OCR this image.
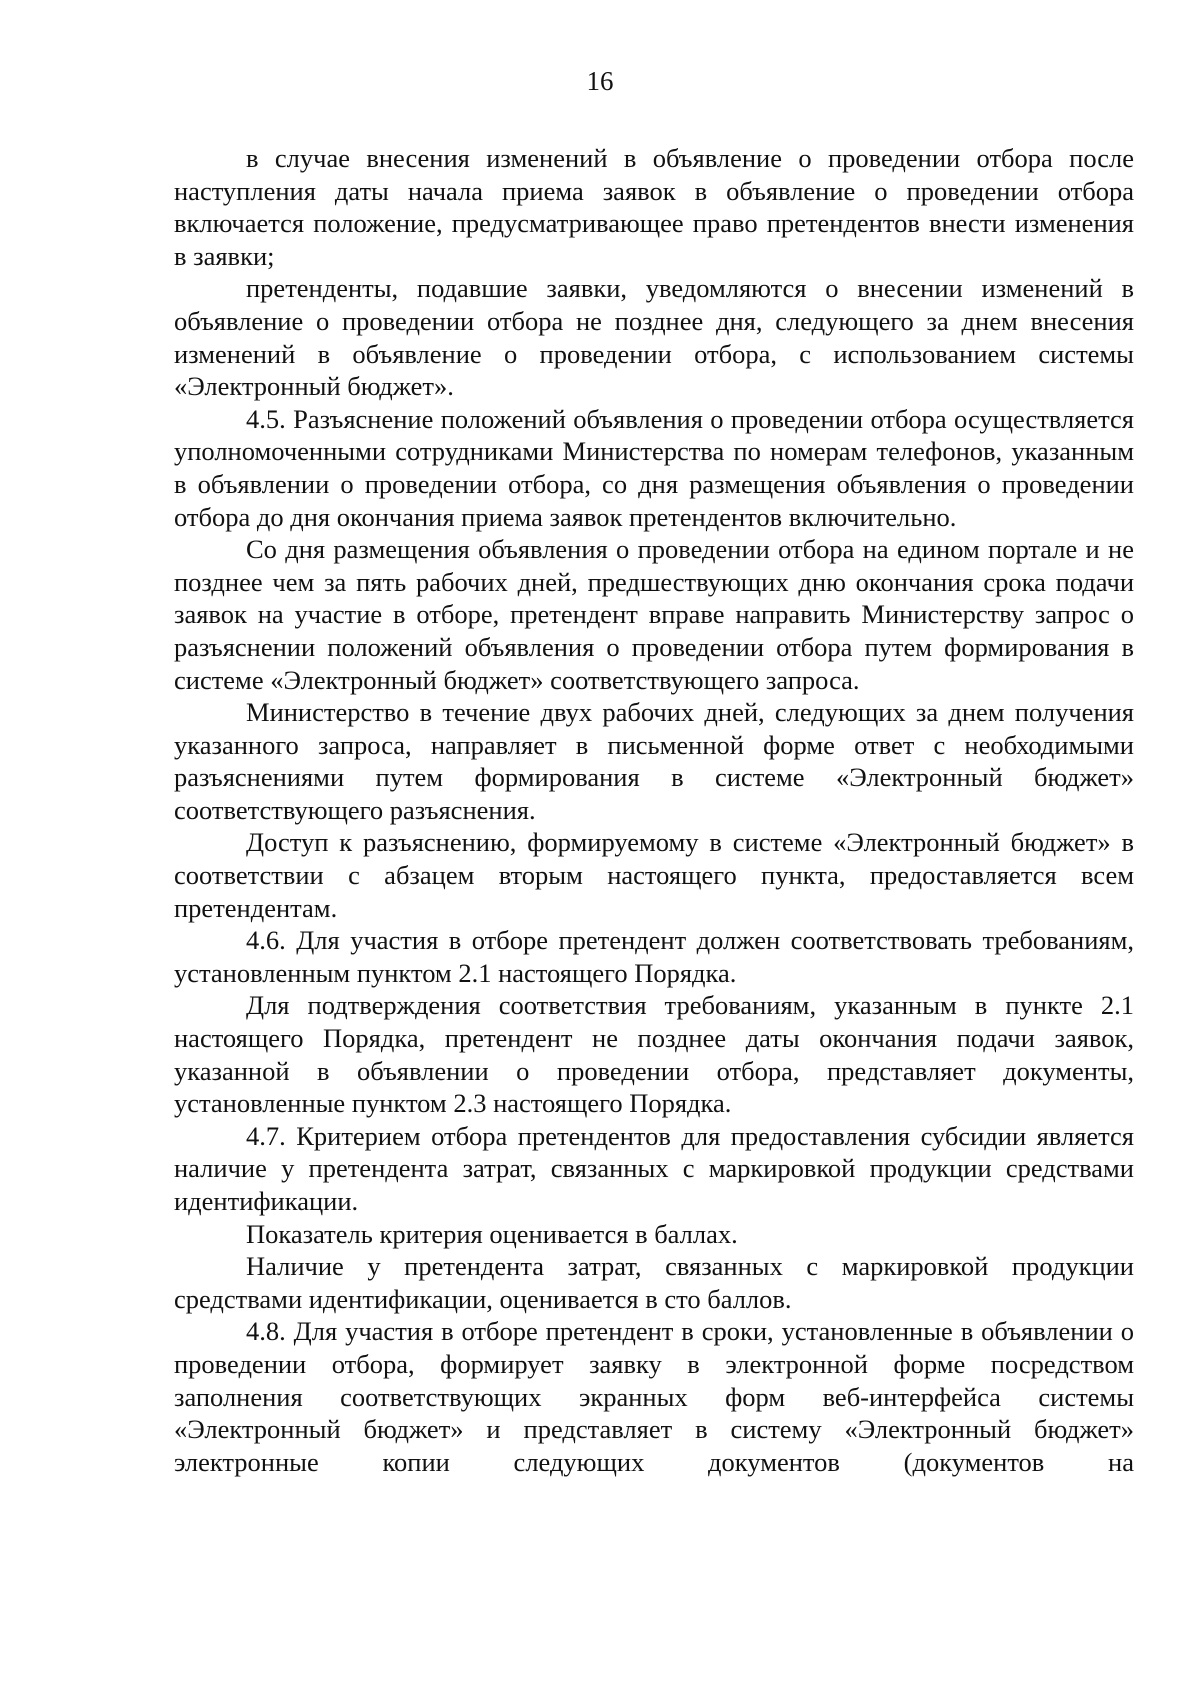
16

в случае внесения изменений в объявление о проведении отбора после наступления даты начала приема заявок в объявление о проведении отбора включается положение, предусматривающее право претендентов внести изменения в заявки;

претенденты, подавшие заявки, уведомляются о внесении изменений в объявление о проведении отбора не позднее дня, следующего за днем внесения изменений в объявление о проведении отбора, с использованием системы «Электронный бюджет».

4.5. Разъяснение положений объявления о проведении отбора осуществляется уполномоченными сотрудниками Министерства по номерам телефонов, указанным в объявлении о проведении отбора, со дня размещения объявления о проведении отбора до дня окончания приема заявок претендентов включительно.

Со дня размещения объявления о проведении отбора на едином портале и не позднее чем за пять рабочих дней, предшествующих дню окончания срока подачи заявок на участие в отборе, претендент вправе направить Министерству запрос о разъяснении положений объявления о проведении отбора путем формирования в системе «Электронный бюджет» соответствующего запроса.

Министерство в течение двух рабочих дней, следующих за днем получения указанного запроса, направляет в письменной форме ответ с необходимыми разъяснениями путем формирования в системе «Электронный бюджет» соответствующего разъяснения.

Доступ к разъяснению, формируемому в системе «Электронный бюджет» в соответствии с абзацем вторым настоящего пункта, предоставляется всем претендентам.

4.6. Для участия в отборе претендент должен соответствовать требованиям, установленным пунктом 2.1 настоящего Порядка.

Для подтверждения соответствия требованиям, указанным в пункте 2.1 настоящего Порядка, претендент не позднее даты окончания подачи заявок, указанной в объявлении о проведении отбора, представляет документы, установленные пунктом 2.3 настоящего Порядка.

4.7. Критерием отбора претендентов для предоставления субсидии является наличие у претендента затрат, связанных с маркировкой продукции средствами идентификации.

Показатель критерия оценивается в баллах.

Наличие у претендента затрат, связанных с маркировкой продукции средствами идентификации, оценивается в сто баллов.

4.8. Для участия в отборе претендент в сроки, установленные в объявлении о проведении отбора, формирует заявку в электронной форме посредством заполнения соответствующих экранных форм веб-интерфейса системы «Электронный бюджет» и представляет в систему «Электронный бюджет» электронные копии следующих документов (документов на
